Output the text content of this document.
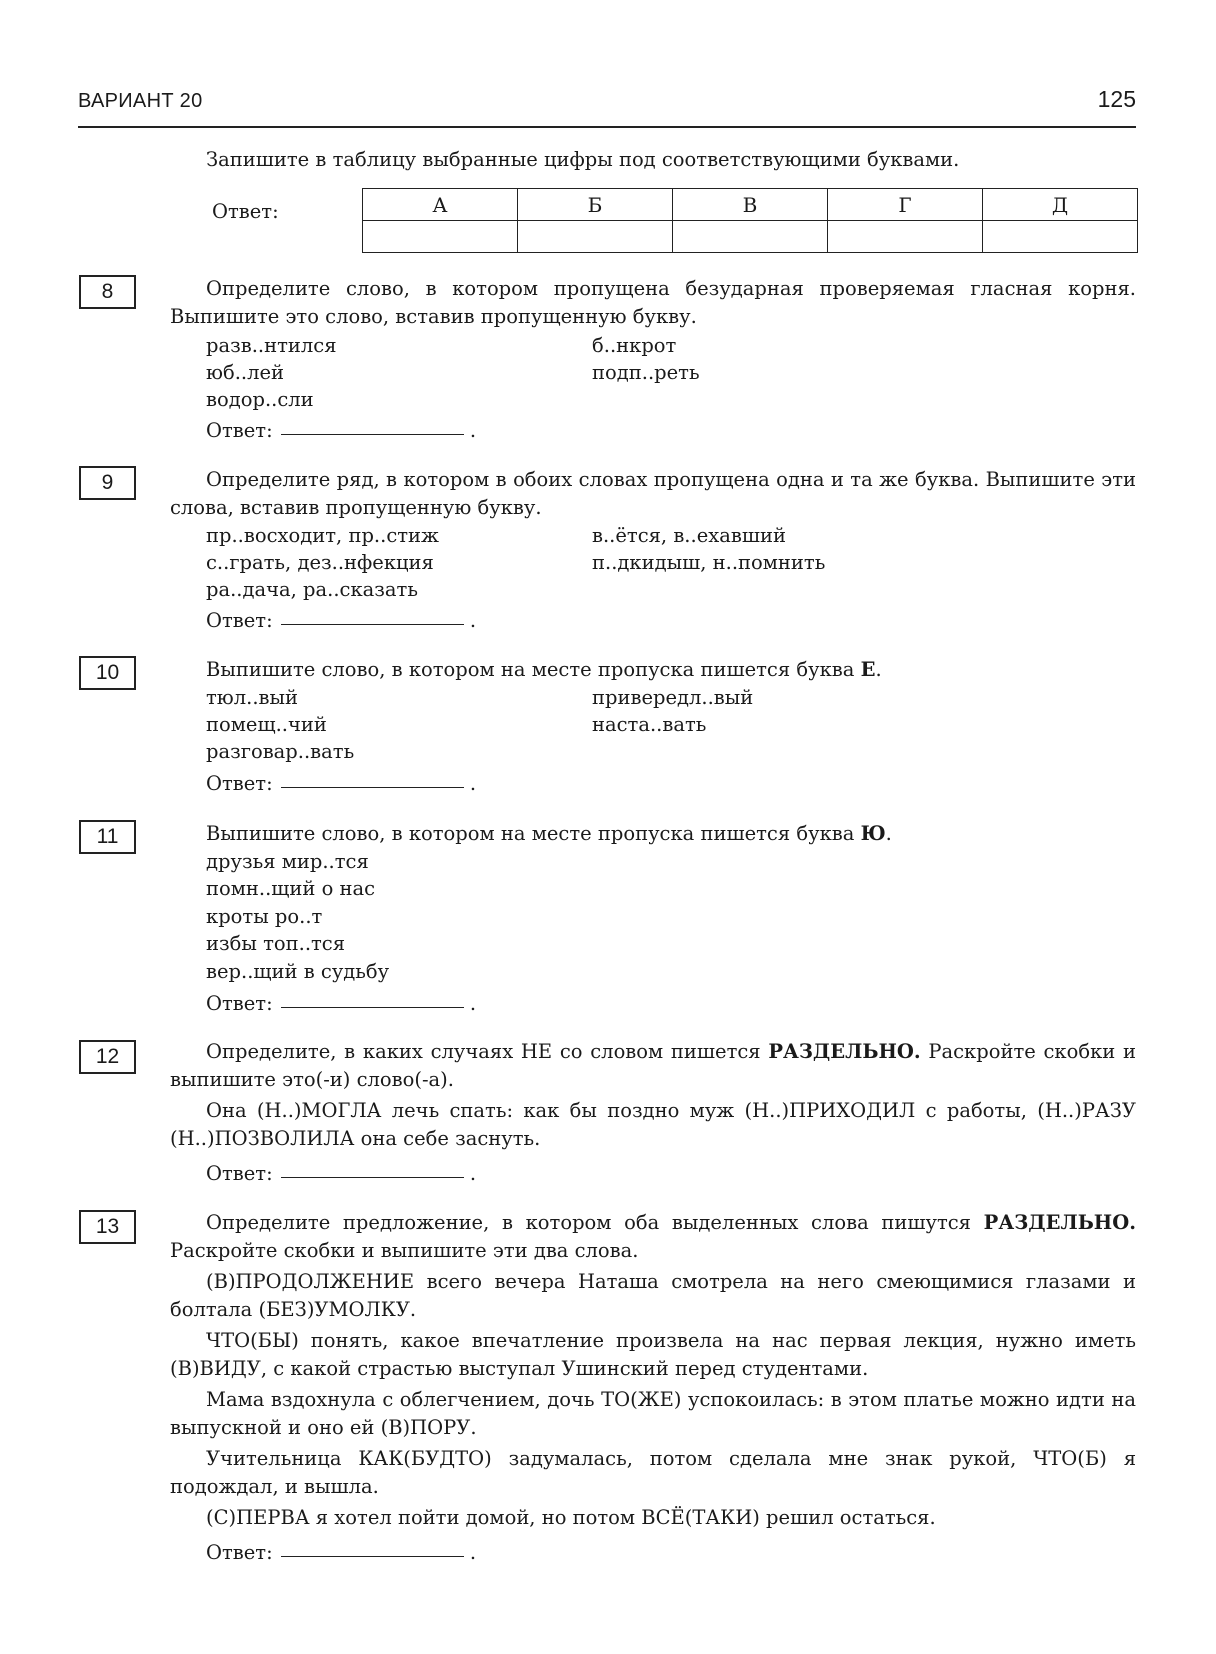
ВАРИАНТ 20	125
Запишите в таблицу выбранные цифры под соответствующими буквами.
Ответ:	А	Б	В	Г	Д

8	Определите слово, в котором пропущена безударная проверяемая гласная корня. Выпишите это слово, вставив пропущенную букву.
разв..нтился
юб..лей
водор..сли
б..нкрот
подп..реть
Ответ:	.
9	Определите ряд, в котором в обоих словах пропущена одна и та же буква. Выпишите эти слова, вставив пропущенную букву.
пр..восходит, пр..стиж
с..грать, дез..нфекция
ра..дача, ра..сказать
в..ётся, в..ехавший
п..дкидыш, н..помнить
Ответ:	.
10	Выпишите слово, в котором на месте пропуска пишется буква Е.
тюл..вый
помещ..чий
разговар..вать
привередл..вый
наста..вать
Ответ:	.
11	Выпишите слово, в котором на месте пропуска пишется буква Ю.
друзья мир..тся
помн..щий о нас
кроты ро..т
избы топ..тся
вер..щий в судьбу
Ответ:	.
12	Определите, в каких случаях НЕ со словом пишется РАЗДЕЛЬНО. Раскройте скобки и выпишите это(-и) слово(-а).
Она (Н..)МОГЛА лечь спать: как бы поздно муж (Н..)ПРИХОДИЛ с работы, (Н..)РАЗУ (Н..)ПОЗВОЛИЛА она себе заснуть.
Ответ:	.
13	Определите предложение, в котором оба выделенных слова пишутся РАЗДЕЛЬНО. Раскройте скобки и выпишите эти два слова.
(В)ПРОДОЛЖЕНИЕ всего вечера Наташа смотрела на него смеющимися глазами и болтала (БЕЗ)УМОЛКУ.
ЧТО(БЫ) понять, какое впечатление произвела на нас первая лекция, нужно иметь (В)ВИДУ, с какой страстью выступал Ушинский перед студентами.
Мама вздохнула с облегчением, дочь ТО(ЖЕ) успокоилась: в этом платье можно идти на выпускной и оно ей (В)ПОРУ.
Учительница КАК(БУДТО) задумалась, потом сделала мне знак рукой, ЧТО(Б) я подождал, и вышла.
(С)ПЕРВА я хотел пойти домой, но потом ВСЁ(ТАКИ) решил остаться.
Ответ:	.
